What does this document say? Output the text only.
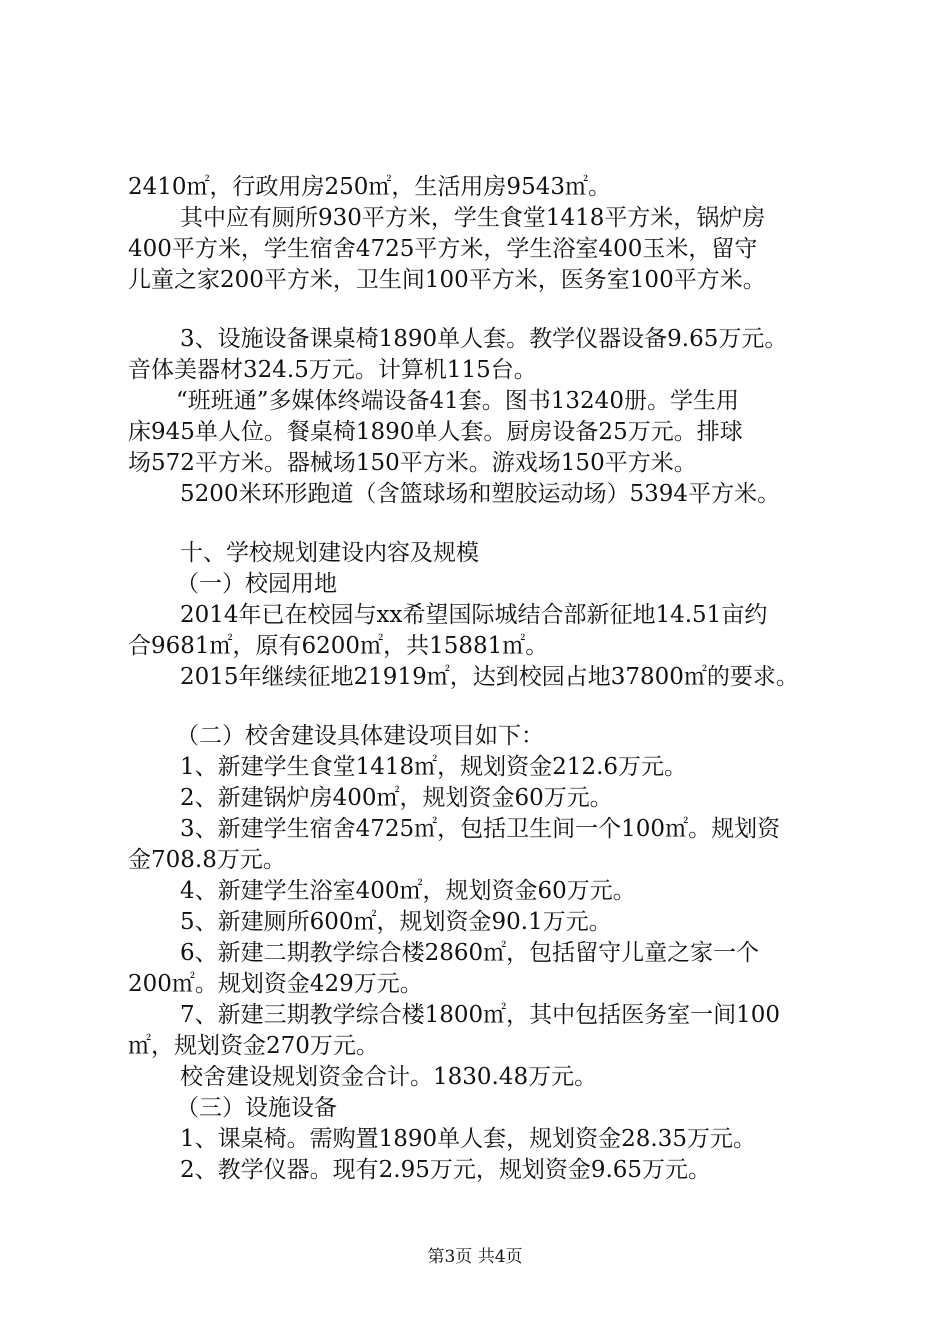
2410㎡，行政用房250㎡，生活用房9543㎡。
其中应有厕所930平方米，学生食堂1418平方米，锅炉房
400平方米，学生宿舍4725平方米，学生浴室400玉米，留守
儿童之家200平方米，卫生间100平方米，医务室100平方米。
3、设施设备课桌椅1890单人套。教学仪器设备9.65万元。
音体美器材324.5万元。计算机115台。
“班班通”多媒体终端设备41套。图书13240册。学生用
床945单人位。餐桌椅1890单人套。厨房设备25万元。排球
场572平方米。器械场150平方米。游戏场150平方米。
5200米环形跑道（含篮球场和塑胶运动场）5394平方米。
十、学校规划建设内容及规模
（一）校园用地
2014年已在校园与xx希望国际城结合部新征地14.51亩约
合9681㎡，原有6200㎡，共15881㎡。
2015年继续征地21919㎡，达到校园占地37800㎡的要求。
（二）校舍建设具体建设项目如下：
1、新建学生食堂1418㎡，规划资金212.6万元。
2、新建锅炉房400㎡，规划资金60万元。
3、新建学生宿舍4725㎡，包括卫生间一个100㎡。规划资
金708.8万元。
4、新建学生浴室400㎡，规划资金60万元。
5、新建厕所600㎡，规划资金90.1万元。
6、新建二期教学综合楼2860㎡，包括留守儿童之家一个
200㎡。规划资金429万元。
7、新建三期教学综合楼1800㎡，其中包括医务室一间100
㎡，规划资金270万元。
校舍建设规划资金合计。1830.48万元。
（三）设施设备
1、课桌椅。需购置1890单人套，规划资金28.35万元。
2、教学仪器。现有2.95万元，规划资金9.65万元。
第3页 共4页
